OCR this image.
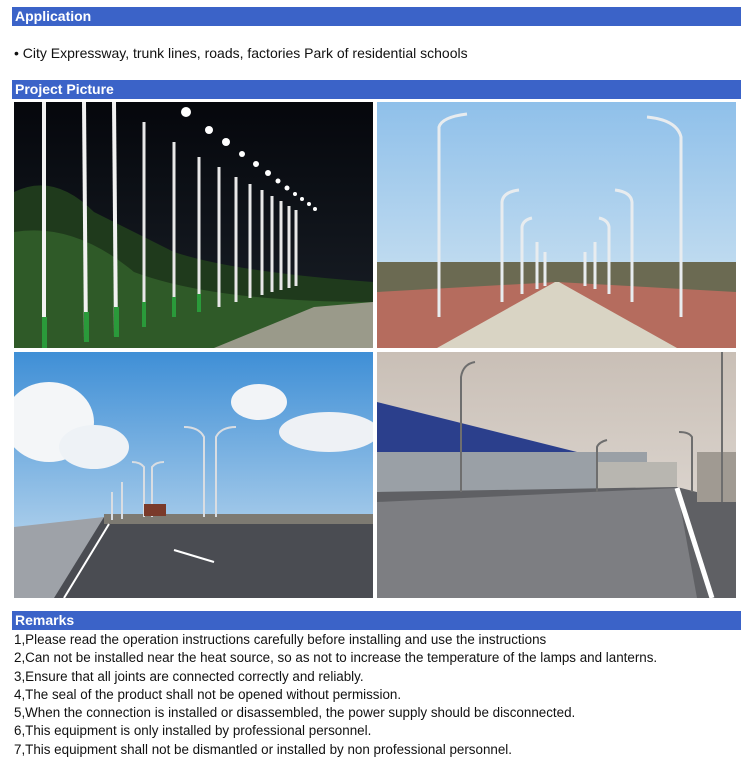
Application
• City Expressway, trunk lines, roads, factories Park of residential schools
Project Picture
Remarks
1,Please read the operation instructions carefully before installing and use the instructions
2,Can not be installed near the heat source, so as not to increase the temperature of the lamps and lanterns.
3,Ensure that all joints are connected correctly and reliably.
4,The seal of the product shall not be opened without permission.
5,When the connection is installed or disassembled, the power supply should be disconnected.
6,This equipment is only installed by professional personnel.
7,This equipment shall not be dismantled or installed by non professional personnel.
